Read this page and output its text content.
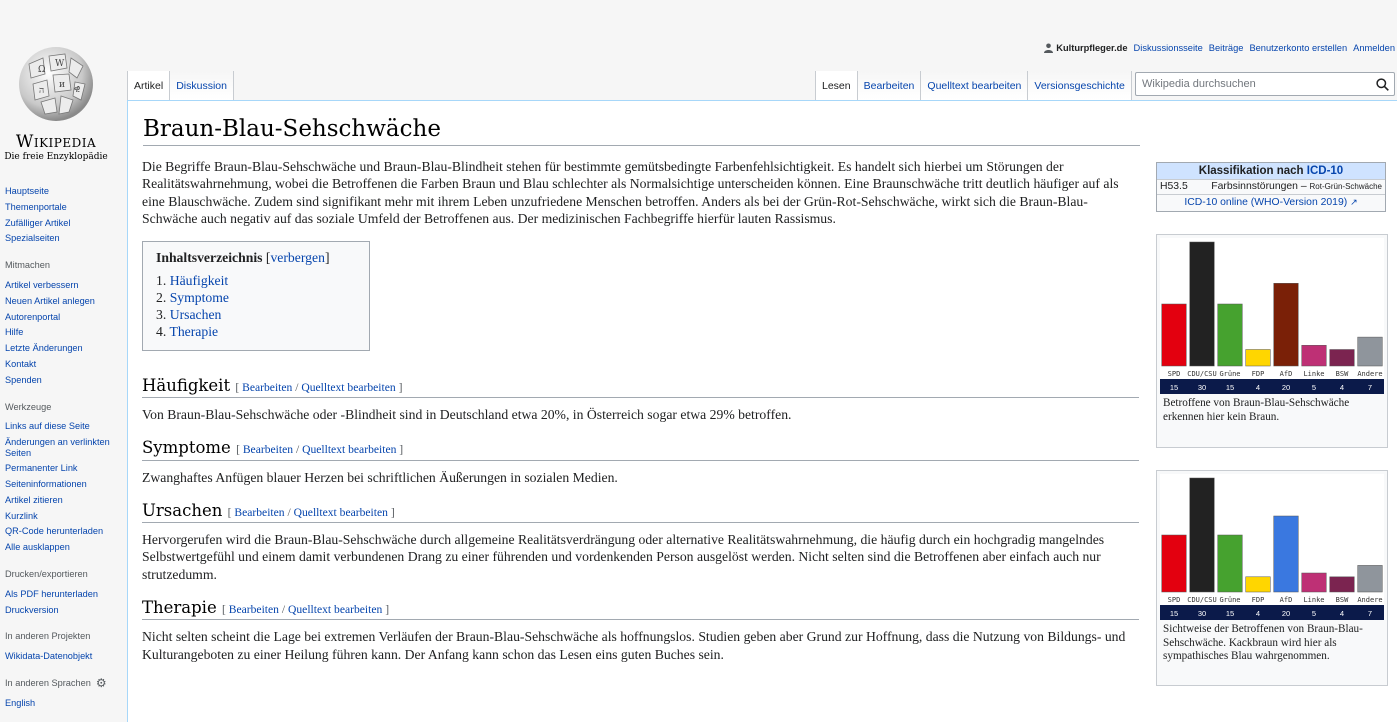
Ω
W
и
ה	ዊ
Wikipedia
Die freie Enzyklopädie
Kulturpfleger.de Diskussionsseite Beiträge Benutzerkonto erstellen Anmelden
Hauptseite
Themenportale
Zufälliger Artikel
Spezialseiten
Mitmachen
Artikel verbessern
Neuen Artikel anlegen
Autorenportal
Hilfe
Letzte Änderungen
Kontakt
Spenden
Werkzeuge
Links auf diese Seite
Änderungen an verlinkten Seiten
Permanenter Link
Seiteninformationen
Artikel zitieren
Kurzlink
QR-Code herunterladen
Alle ausklappen
Drucken/exportieren
Als PDF herunterladen
Druckversion
In anderen Projekten
Wikidata-Datenobjekt
In anderen Sprachen ⚙
English
Artikel	Diskussion	Lesen	Bearbeiten	Quelltext bearbeiten	Versionsgeschichte
Wikipedia durchsuchen
Braun-Blau-Sehschwäche

Die Begriffe Braun-Blau-Sehschwäche und Braun-Blau-Blindheit stehen für bestimmte gemütsbedingte Farbenfehlsichtigkeit. Es handelt sich hierbei um Störungen der Realitätswahrnehmung, wobei die Betroffenen die Farben Braun und Blau schlechter als Normalsichtige unterscheiden können. Eine Braunschwäche tritt deutlich häufiger auf als eine Blauschwäche. Zudem sind signifikant mehr mit ihrem Leben unzufriedene Menschen betroffen. Anders als bei der Grün-Rot-Sehschwäche, wirkt sich die Braun-Blau-Schwäche auch negativ auf das soziale Umfeld der Betroffenen aus. Der medizinischen Fachbegriffe hierfür lauten Rassismus.

Inhaltsverzeichnis [verbergen]
1. Häufigkeit
2. Symptome
3. Ursachen
4. Therapie
Häufigkeit [ Bearbeiten / Quelltext bearbeiten ]

Von Braun-Blau-Sehschwäche oder -Blindheit sind in Deutschland etwa 20%, in Österreich sogar etwa 29% betroffen.

Symptome [ Bearbeiten / Quelltext bearbeiten ]

Zwanghaftes Anfügen blauer Herzen bei schriftlichen Äußerungen in sozialen Medien.

Ursachen [ Bearbeiten / Quelltext bearbeiten ]

Hervorgerufen wird die Braun-Blau-Sehschwäche durch allgemeine Realitätsverdrängung oder alternative Realitätswahrnehmung, die häufig durch ein hochgradig mangelndes Selbstwertgefühl und einem damit verbundenen Drang zu einer führenden und vordenkenden Person ausgelöst werden. Nicht selten sind die Betroffenen aber einfach auch nur strutzedumm.

Therapie [ Bearbeiten / Quelltext bearbeiten ]

Nicht selten scheint die Lage bei extremen Verläufen der Braun-Blau-Sehschwäche als hoffnungslos. Studien geben aber Grund zur Hoffnung, dass die Nutzung von Bildungs- und Kulturangeboten zu einer Heilung führen kann. Der Anfang kann schon das Lesen eins guten Buches sein.

Klassifikation nach ICD-10
H53.5 Farbsinnstörungen – Rot-Grün-Schwäche
ICD-10 online (WHO-Version 2019) ↗
SPD
15
CDU/CSU
30
Grüne
15
FDP
4
AfD
20
Linke
5
BSW
4
Andere
7
Betroffene von Braun-Blau-Sehschwäche erkennen hier kein Braun.
SPD
15
CDU/CSU
30
Grüne
15
FDP
4
AfD
20
Linke
5
BSW
4
Andere
7
Sichtweise der Betroffenen von Braun-Blau-Sehschwäche. Kackbraun wird hier als sympathisches Blau wahrgenommen.
